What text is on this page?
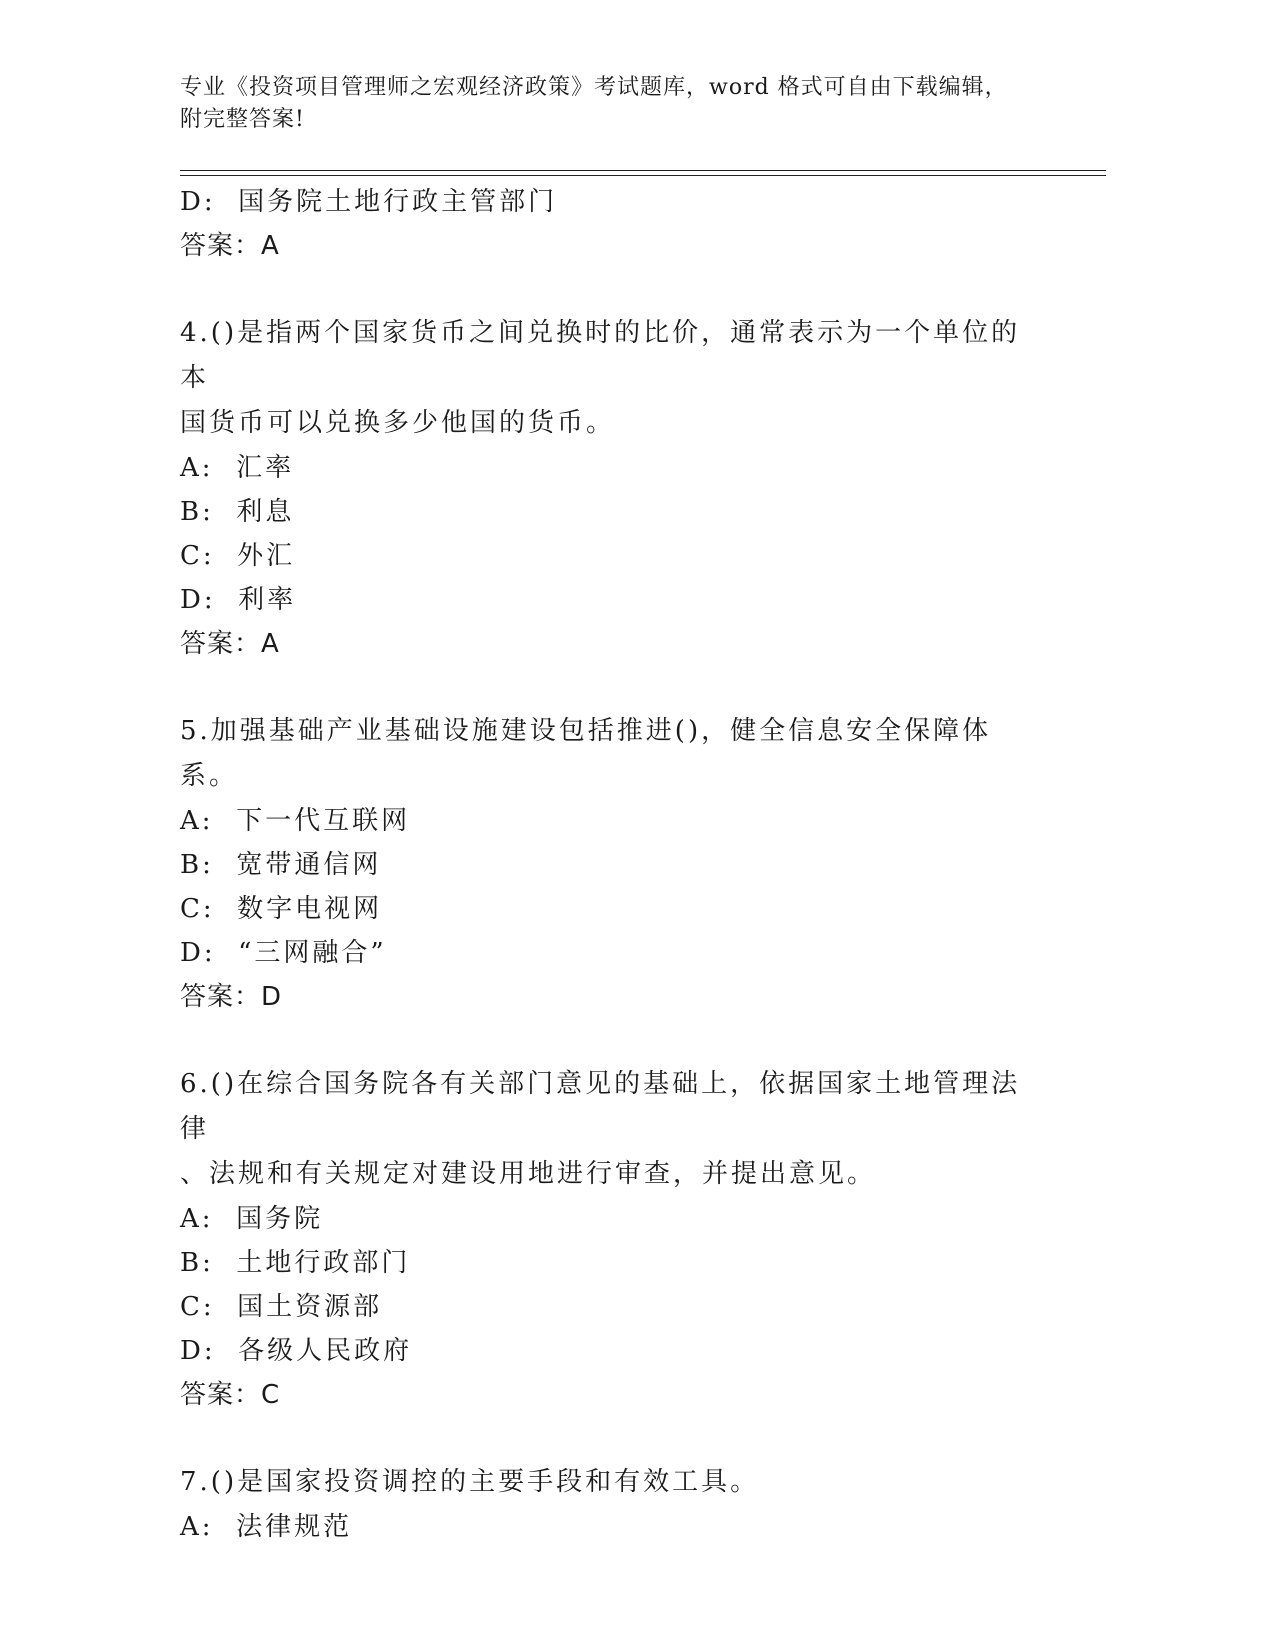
专业《投资项目管理师之宏观经济政策》考试题库，word 格式可自由下载编辑，
附完整答案!
D:  国务院土地行政主管部门
答案：A
4.()是指两个国家货币之间兑换时的比价，通常表示为一个单位的本
国货币可以兑换多少他国的货币。
A:  汇率
B:  利息
C:  外汇
D:  利率
答案：A
5.加强基础产业基础设施建设包括推进()，健全信息安全保障体系。
A:  下一代互联网
B:  宽带通信网
C:  数字电视网
D:  “三网融合”
答案：D
6.()在综合国务院各有关部门意见的基础上，依据国家土地管理法律
、法规和有关规定对建设用地进行审查，并提出意见。
A:  国务院
B:  土地行政部门
C:  国土资源部
D:  各级人民政府
答案：C
7.()是国家投资调控的主要手段和有效工具。
A:  法律规范
